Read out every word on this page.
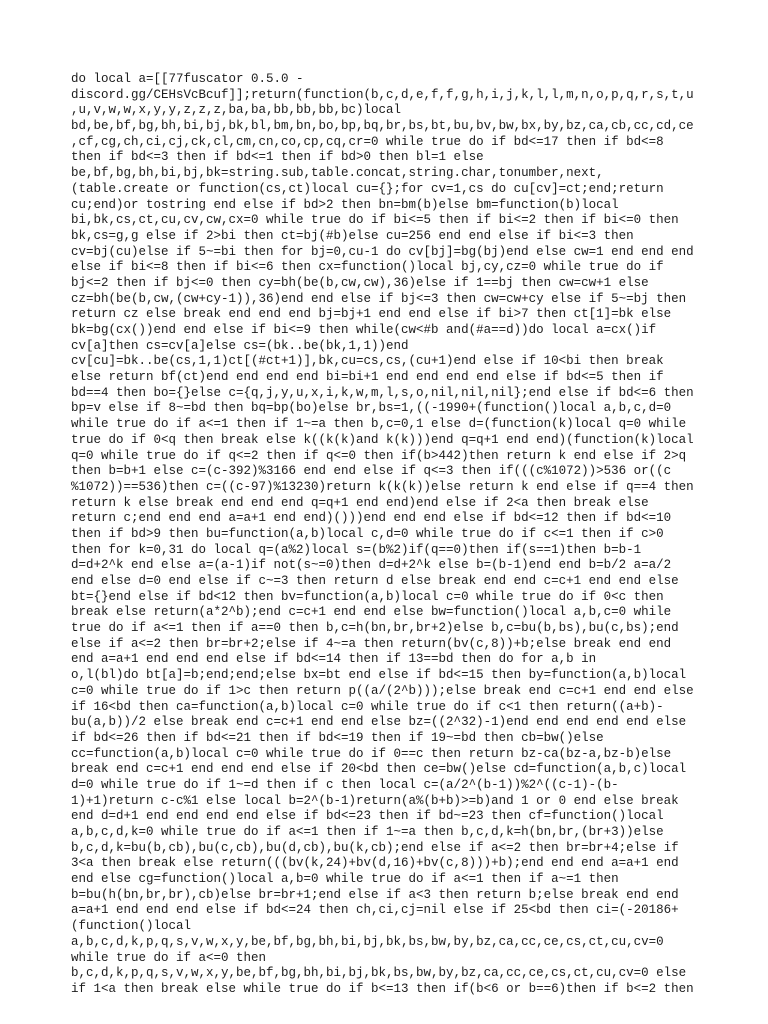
do local a=[[77fuscator 0.5.0 -
discord.gg/CEHsVcBcuf]];return(function(b,c,d,e,f,f,g,h,i,j,k,l,l,m,n,o,p,q,r,s,t,u
,u,v,w,w,x,y,y,z,z,z,ba,ba,bb,bb,bb,bc)local
bd,be,bf,bg,bh,bi,bj,bk,bl,bm,bn,bo,bp,bq,br,bs,bt,bu,bv,bw,bx,by,bz,ca,cb,cc,cd,ce
,cf,cg,ch,ci,cj,ck,cl,cm,cn,co,cp,cq,cr=0 while true do if bd<=17 then if bd<=8
then if bd<=3 then if bd<=1 then if bd>0 then bl=1 else
be,bf,bg,bh,bi,bj,bk=string.sub,table.concat,string.char,tonumber,next,
(table.create or function(cs,ct)local cu={};for cv=1,cs do cu[cv]=ct;end;return
cu;end)or tostring end else if bd>2 then bn=bm(b)else bm=function(b)local
bi,bk,cs,ct,cu,cv,cw,cx=0 while true do if bi<=5 then if bi<=2 then if bi<=0 then
bk,cs=g,g else if 2>bi then ct=bj(#b)else cu=256 end end else if bi<=3 then
cv=bj(cu)else if 5~=bi then for bj=0,cu-1 do cv[bj]=bg(bj)end else cw=1 end end end
else if bi<=8 then if bi<=6 then cx=function()local bj,cy,cz=0 while true do if
bj<=2 then if bj<=0 then cy=bh(be(b,cw,cw),36)else if 1==bj then cw=cw+1 else
cz=bh(be(b,cw,(cw+cy-1)),36)end end else if bj<=3 then cw=cw+cy else if 5~=bj then
return cz else break end end end bj=bj+1 end end else if bi>7 then ct[1]=bk else
bk=bg(cx())end end else if bi<=9 then while(cw<#b and(#a==d))do local a=cx()if
cv[a]then cs=cv[a]else cs=(bk..be(bk,1,1))end
cv[cu]=bk..be(cs,1,1)ct[(#ct+1)],bk,cu=cs,cs,(cu+1)end else if 10<bi then break
else return bf(ct)end end end end bi=bi+1 end end end end else if bd<=5 then if
bd==4 then bo={}else c={q,j,y,u,x,i,k,w,m,l,s,o,nil,nil,nil};end else if bd<=6 then
bp=v else if 8~=bd then bq=bp(bo)else br,bs=1,((-1990+(function()local a,b,c,d=0
while true do if a<=1 then if 1~=a then b,c=0,1 else d=(function(k)local q=0 while
true do if 0<q then break else k((k(k)and k(k)))end q=q+1 end end)(function(k)local
q=0 while true do if q<=2 then if q<=0 then if(b>442)then return k end else if 2>q
then b=b+1 else c=(c-392)%3166 end end else if q<=3 then if(((c%1072))>536 or((c
%1072))==536)then c=((c-97)%13230)return k(k(k))else return k end else if q==4 then
return k else break end end end q=q+1 end end)end else if 2<a then break else
return c;end end end a=a+1 end end)()))end end end else if bd<=12 then if bd<=10
then if bd>9 then bu=function(a,b)local c,d=0 while true do if c<=1 then if c>0
then for k=0,31 do local q=(a%2)local s=(b%2)if(q==0)then if(s==1)then b=b-1
d=d+2^k end else a=(a-1)if not(s~=0)then d=d+2^k else b=(b-1)end end b=b/2 a=a/2
end else d=0 end else if c~=3 then return d else break end end c=c+1 end end else
bt={}end else if bd<12 then bv=function(a,b)local c=0 while true do if 0<c then
break else return(a*2^b);end c=c+1 end end else bw=function()local a,b,c=0 while
true do if a<=1 then if a==0 then b,c=h(bn,br,br+2)else b,c=bu(b,bs),bu(c,bs);end
else if a<=2 then br=br+2;else if 4~=a then return(bv(c,8))+b;else break end end
end a=a+1 end end end else if bd<=14 then if 13==bd then do for a,b in
o,l(bl)do bt[a]=b;end;end;else bx=bt end else if bd<=15 then by=function(a,b)local
c=0 while true do if 1>c then return p((a/(2^b)));else break end c=c+1 end end else
if 16<bd then ca=function(a,b)local c=0 while true do if c<1 then return((a+b)-
bu(a,b))/2 else break end c=c+1 end end else bz=((2^32)-1)end end end end end else
if bd<=26 then if bd<=21 then if bd<=19 then if 19~=bd then cb=bw()else
cc=function(a,b)local c=0 while true do if 0==c then return bz-ca(bz-a,bz-b)else
break end c=c+1 end end end else if 20<bd then ce=bw()else cd=function(a,b,c)local
d=0 while true do if 1~=d then if c then local c=(a/2^(b-1))%2^((c-1)-(b-
1)+1)return c-c%1 else local b=2^(b-1)return(a%(b+b)>=b)and 1 or 0 end else break
end d=d+1 end end end end else if bd<=23 then if bd~=23 then cf=function()local
a,b,c,d,k=0 while true do if a<=1 then if 1~=a then b,c,d,k=h(bn,br,(br+3))else
b,c,d,k=bu(b,cb),bu(c,cb),bu(d,cb),bu(k,cb);end else if a<=2 then br=br+4;else if
3<a then break else return(((bv(k,24)+bv(d,16)+bv(c,8)))+b);end end end a=a+1 end
end else cg=function()local a,b=0 while true do if a<=1 then if a~=1 then
b=bu(h(bn,br,br),cb)else br=br+1;end else if a<3 then return b;else break end end
a=a+1 end end end else if bd<=24 then ch,ci,cj=nil else if 25<bd then ci=(-20186+
(function()local
a,b,c,d,k,p,q,s,v,w,x,y,be,bf,bg,bh,bi,bj,bk,bs,bw,by,bz,ca,cc,ce,cs,ct,cu,cv=0
while true do if a<=0 then
b,c,d,k,p,q,s,v,w,x,y,be,bf,bg,bh,bi,bj,bk,bs,bw,by,bz,ca,cc,ce,cs,ct,cu,cv=0 else
if 1<a then break else while true do if b<=13 then if(b<6 or b==6)then if b<=2 then
